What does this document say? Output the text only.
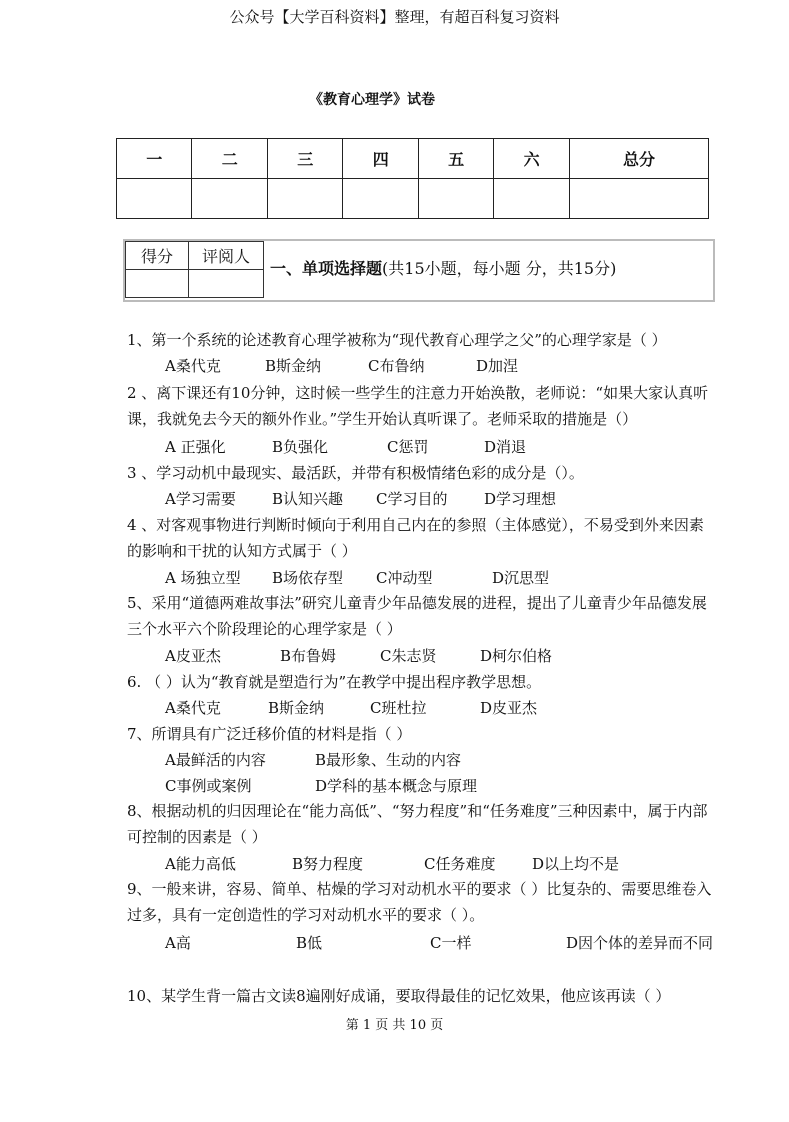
公众号【大学百科资料】整理，有超百科复习资料
《教育心理学》试卷
一	二	三	四	五	六	总分

得分	评阅人

一、单项选择题(共15小题，每小题 分，共15分)
1、第一个系统的论述教育心理学被称为“现代教育心理学之父”的心理学家是（ ）
A桑代克	B斯金纳	C布鲁纳	D加涅
2 、离下课还有10分钟，这时候一些学生的注意力开始涣散，老师说：“如果大家认真听课，我就免去今天的额外作业。”学生开始认真听课了。老师采取的措施是（）
A 正强化	B负强化	C惩罚	D消退
3 、学习动机中最现实、最活跃，并带有积极情绪色彩的成分是（）。
A学习需要 B认知兴趣 C学习目的 D学习理想
4 、对客观事物进行判断时倾向于利用自己内在的参照（主体感觉），不易受到外来因素的影响和干扰的认知方式属于（ ）
A 场独立型 B场依存型 C冲动型	D沉思型
5、采用“道德两难故事法”研究儿童青少年品德发展的进程，提出了儿童青少年品德发展三个水平六个阶段理论的心理学家是（ ）
A皮亚杰	B布鲁姆	C朱志贤	D柯尔伯格
6. （ ）认为“教育就是塑造行为”在教学中提出程序教学思想。
A桑代克	B斯金纳	C班杜拉	D皮亚杰
7、所谓具有广泛迁移价值的材料是指（ ）
A最鲜活的内容	B最形象、生动的内容
C事例或案例	D学科的基本概念与原理
8、根据动机的归因理论在“能力高低”、“努力程度”和“任务难度”三种因素中，属于内部可控制的因素是（ ）
A能力高低	B努力程度	C任务难度 D以上均不是
9、一般来讲，容易、简单、枯燥的学习对动机水平的要求（ ）比复杂的、需要思维卷入过多，具有一定创造性的学习对动机水平的要求（ ）。
A高	B低	C一样	D因个体的差异而不同
10、某学生背一篇古文读8遍刚好成诵，要取得最佳的记忆效果，他应该再读（ ）
第 1 页 共 10 页
